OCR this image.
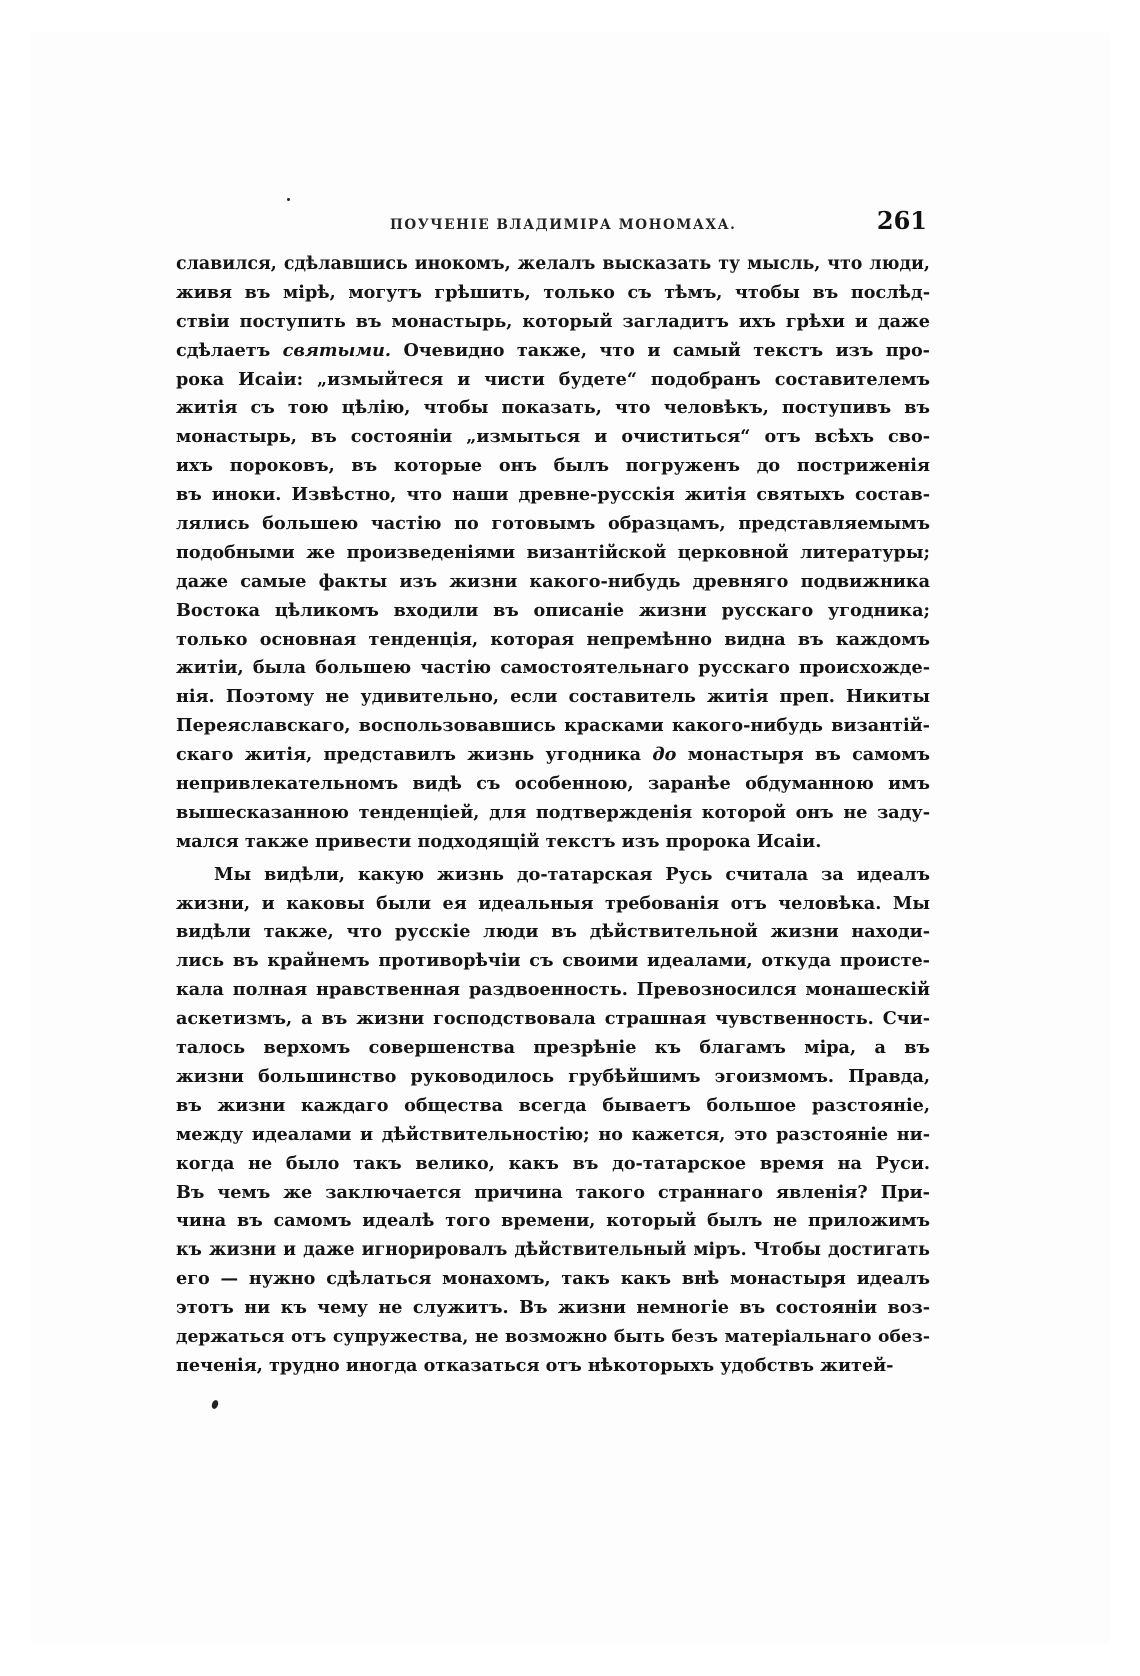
ПОУЧЕНІЕ ВЛАДИМІРА МОНОМАХА.	261
славился, сдѣлавшись инокомъ, желалъ высказать ту мысль, что люди,
живя въ мірѣ, могутъ грѣшить, только съ тѣмъ, чтобы въ послѣд-
ствіи поступить въ монастырь, который загладитъ ихъ грѣхи и даже
сдѣлаетъ святыми. Очевидно также, что и самый текстъ изъ про-
рока Исаіи: „измыйтеся и чисти будете“ подобранъ составителемъ
житія съ тою цѣлію, чтобы показать, что человѣкъ, поступивъ въ
монастырь, въ состояніи „измыться и очиститься“ отъ всѣхъ сво-
ихъ пороковъ, въ которые онъ былъ погруженъ до постриженія
въ иноки. Извѣстно, что наши древне-русскія житія святыхъ состав-
лялись большею частію по готовымъ образцамъ, представляемымъ
подобными же произведеніями византійской церковной литературы;
даже самые факты изъ жизни какого-нибудь древняго подвижника
Востока цѣликомъ входили въ описаніе жизни русскаго угодника;
только основная тенденція, которая непремѣнно видна въ каждомъ
житіи, была большею частію самостоятельнаго русскаго происхожде-
нія. Поэтому не удивительно, если составитель житія преп. Никиты
Переяславскаго, воспользовавшись красками какого-нибудь византій-
скаго житія, представилъ жизнь угодника до монастыря въ самомъ
непривлекательномъ видѣ съ особенною, заранѣе обдуманною имъ
вышесказанною тенденціей, для подтвержденія которой онъ не заду-
мался также привести подходящій текстъ изъ пророка Исаіи.
Мы видѣли, какую жизнь до-татарская Русь считала за идеалъ
жизни, и каковы были ея идеальныя требованія отъ человѣка. Мы
видѣли также, что русскіе люди въ дѣйствительной жизни находи-
лись въ крайнемъ противорѣчіи съ своими идеалами, откуда происте-
кала полная нравственная раздвоенность. Превозносился монашескій
аскетизмъ, а въ жизни господствовала страшная чувственность. Счи-
талось верхомъ совершенства презрѣніе къ благамъ міра, а въ
жизни большинство руководилось грубѣйшимъ эгоизмомъ. Правда,
въ жизни каждаго общества всегда бываетъ большое разстояніе,
между идеалами и дѣйствительностію; но кажется, это разстояніе ни-
когда не было такъ велико, какъ въ до-татарское время на Руси.
Въ чемъ же заключается причина такого страннаго явленія? При-
чина въ самомъ идеалѣ того времени, который былъ не приложимъ
къ жизни и даже игнорировалъ дѣйствительный міръ. Чтобы достигать
его — нужно сдѣлаться монахомъ, такъ какъ внѣ монастыря идеалъ
этотъ ни къ чему не служитъ. Въ жизни немногіе въ состояніи воз-
держаться отъ супружества, не возможно быть безъ матеріальнаго обез-
печенія, трудно иногда отказаться отъ нѣкоторыхъ удобствъ житей-
